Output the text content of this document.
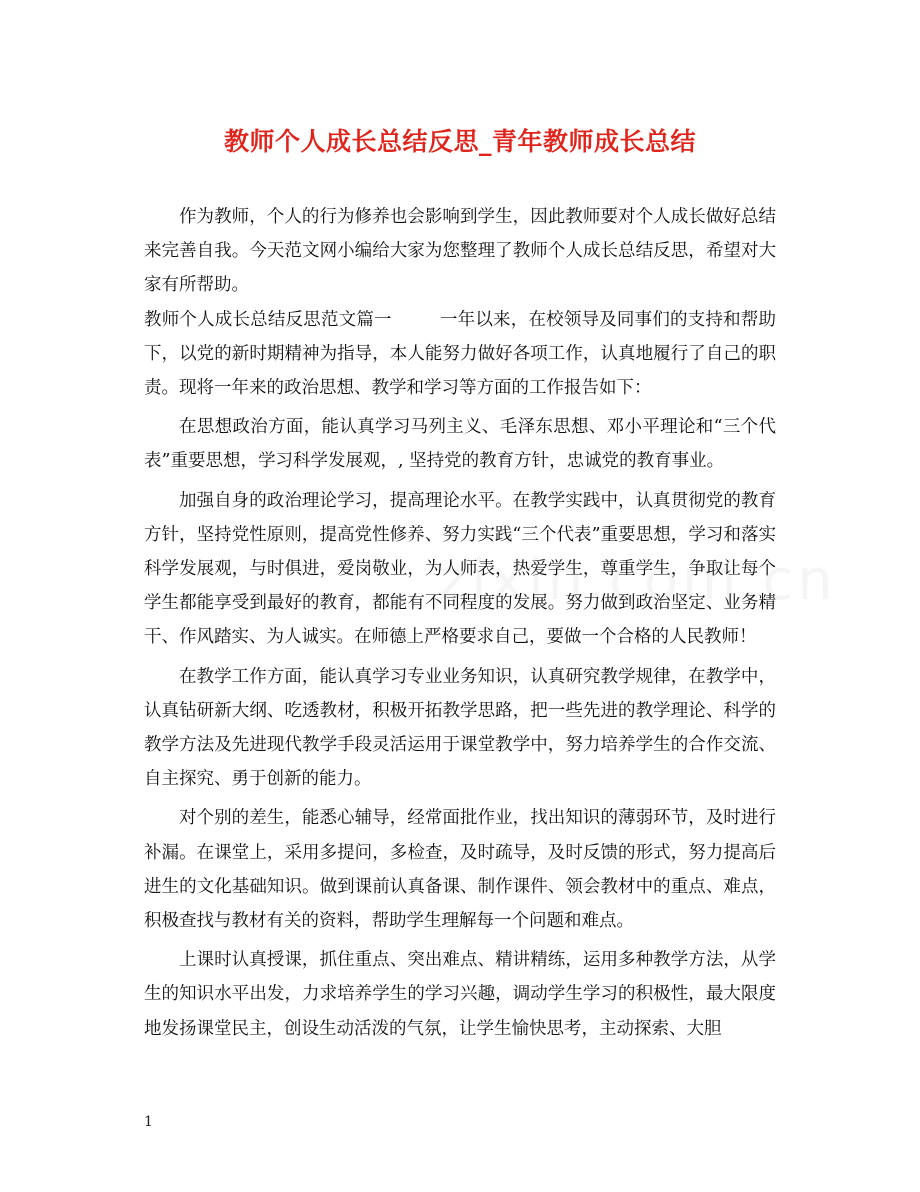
教师个人成长总结反思_青年教师成长总结

作为教师，个人的行为修养也会影响到学生，因此教师要对个人成长做好总结来完善自我。今天范文网小编给大家为您整理了教师个人成长总结反思，希望对大家有所帮助。

教师个人成长总结反思范文篇一	一年以来，在校领导及同事们的支持和帮助下，以党的新时期精神为指导，本人能努力做好各项工作，认真地履行了自己的职责。现将一年来的政治思想、教学和学习等方面的工作报告如下：

在思想政治方面，能认真学习马列主义、毛泽东思想、邓小平理论和“三个代表”重要思想，学习科学发展观，, 坚持党的教育方针，忠诚党的教育事业。

加强自身的政治理论学习，提高理论水平。在教学实践中，认真贯彻党的教育方针，坚持党性原则，提高党性修养、努力实践“三个代表”重要思想，学习和落实科学发展观，与时俱进，爱岗敬业，为人师表，热爱学生，尊重学生，争取让每个学生都能享受到最好的教育，都能有不同程度的发展。努力做到政治坚定、业务精干、作风踏实、为人诚实。在师德上严格要求自己，要做一个合格的人民教师！

在教学工作方面，能认真学习专业业务知识，认真研究教学规律，在教学中，认真钻研新大纲、吃透教材，积极开拓教学思路，把一些先进的教学理论、科学的教学方法及先进现代教学手段灵活运用于课堂教学中，努力培养学生的合作交流、自主探究、勇于创新的能力。

对个别的差生，能悉心辅导，经常面批作业，找出知识的薄弱环节，及时进行补漏。在课堂上，采用多提问，多检查，及时疏导，及时反馈的形式，努力提高后进生的文化基础知识。做到课前认真备课、制作课件、领会教材中的重点、难点，积极查找与教材有关的资料，帮助学生理解每一个问题和难点。

上课时认真授课，抓住重点、突出难点、精讲精练，运用多种教学方法，从学生的知识水平出发，力求培养学生的学习兴趣，调动学生学习的积极性，最大限度地发扬课堂民主，创设生动活泼的气氛，让学生愉快思考，主动探索、大胆

1
